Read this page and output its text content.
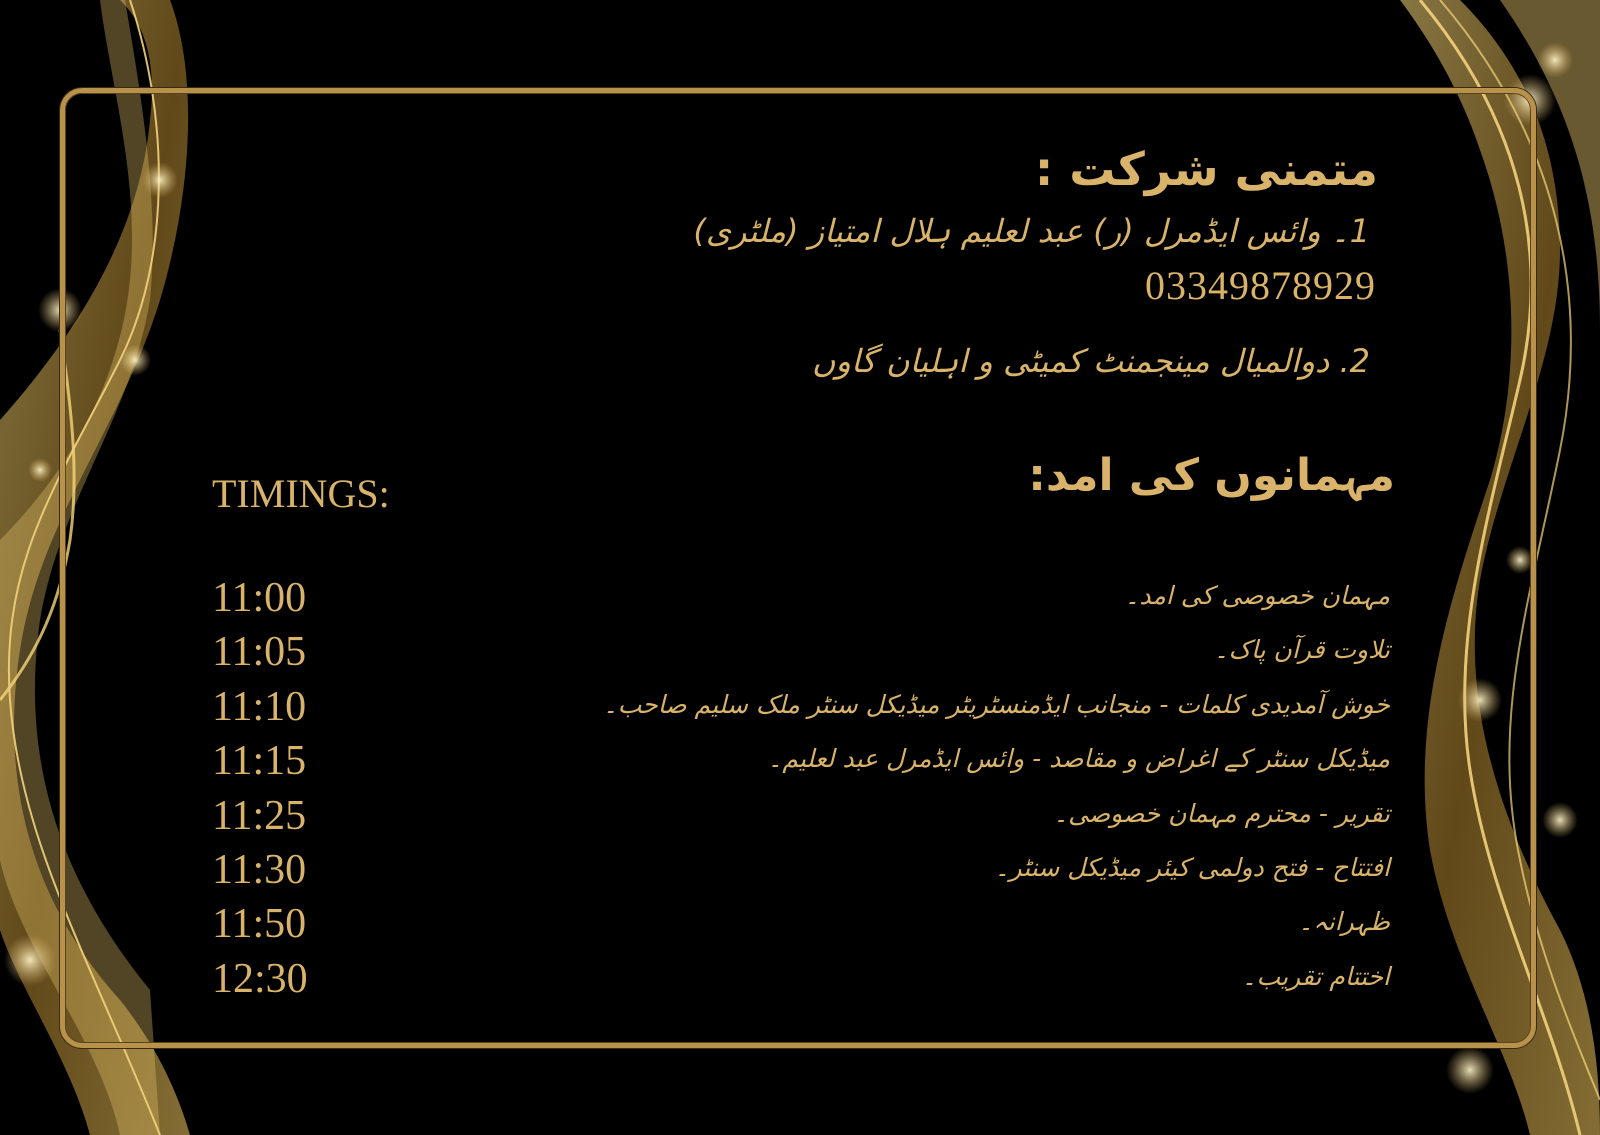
متمنی شرکت :
1۔ وائس ایڈمرل (ر) عبد لعلیم ہلال امتیاز (ملٹری)
03349878929
2. دوالمیال مینجمنٹ کمیٹی و اہلیان گاوں
مہمانوں کی امد:
TIMINGS:
11:00
11:05
11:10
11:15
11:25
11:30
11:50
12:30
مہمان خصوصی کی امد۔
تلاوت قرآن پاک۔
خوش آمدیدی کلمات - منجانب ایڈمنسٹریٹر میڈیکل سنٹر ملک سلیم صاحب۔
میڈیکل سنٹر کے اغراض و مقاصد - وائس ایڈمرل عبد لعلیم۔
تقریر - محترم مہمان خصوصی۔
افتتاح - فتح دولمی کیئر میڈیکل سنٹر۔
ظہرانہ۔
اختتام تقریب۔
